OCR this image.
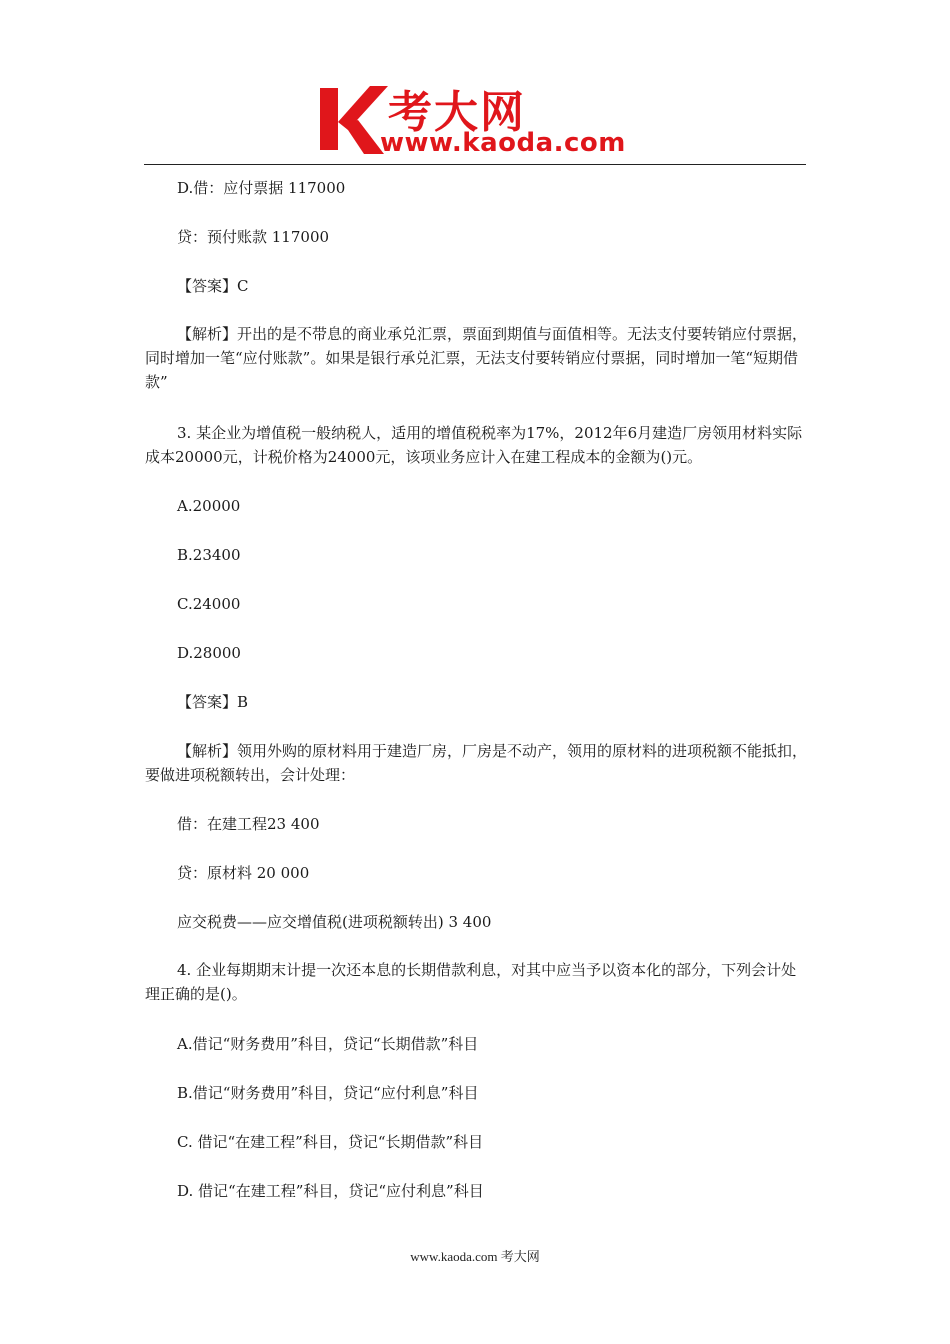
考大网
www.kaoda.com

D.借：应付票据 117000

贷：预付账款 117000

【答案】C

【解析】开出的是不带息的商业承兑汇票，票面到期值与面值相等。无法支付要转销应付票据，同时增加一笔“应付账款”。如果是银行承兑汇票，无法支付要转销应付票据，同时增加一笔“短期借款”

3. 某企业为增值税一般纳税人，适用的增值税税率为17%，2012年6月建造厂房领用材料实际成本20000元，计税价格为24000元，该项业务应计入在建工程成本的金额为()元。

A.20000

B.23400

C.24000

D.28000

【答案】B

【解析】领用外购的原材料用于建造厂房，厂房是不动产，领用的原材料的进项税额不能抵扣，要做进项税额转出，会计处理：

借：在建工程23 400

贷：原材料 20 000

应交税费——应交增值税(进项税额转出) 3 400

4. 企业每期期末计提一次还本息的长期借款利息，对其中应当予以资本化的部分，下列会计处理正确的是()。

A.借记“财务费用”科目，贷记“长期借款”科目

B.借记“财务费用”科目，贷记“应付利息”科目

C. 借记“在建工程”科目，贷记“长期借款”科目

D. 借记“在建工程”科目，贷记“应付利息”科目

www.kaoda.com 考大网
